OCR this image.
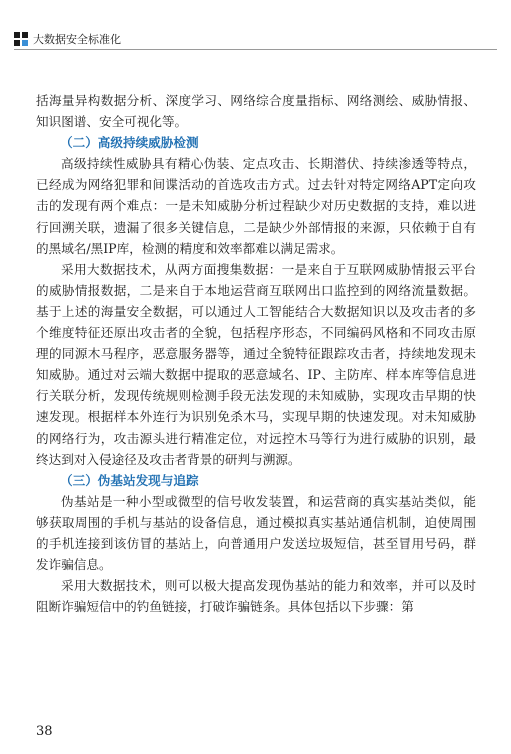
大数据安全标准化

括海量异构数据分析、深度学习、网络综合度量指标、网络测绘、威胁情报、知识图谱、安全可视化等。

（二）高级持续威胁检测

高级持续性威胁具有精心伪装、定点攻击、长期潜伏、持续渗透等特点，已经成为网络犯罪和间谍活动的首选攻击方式。过去针对特定网络APT定向攻击的发现有两个难点：一是未知威胁分析过程缺少对历史数据的支持，难以进行回溯关联，遗漏了很多关键信息，二是缺少外部情报的来源，只依赖于自有的黑域名/黑IP库，检测的精度和效率都难以满足需求。

采用大数据技术，从两方面搜集数据：一是来自于互联网威胁情报云平台的威胁情报数据，二是来自于本地运营商互联网出口监控到的网络流量数据。基于上述的海量安全数据，可以通过人工智能结合大数据知识以及攻击者的多个维度特征还原出攻击者的全貌，包括程序形态，不同编码风格和不同攻击原理的同源木马程序，恶意服务器等，通过全貌特征跟踪攻击者，持续地发现未知威胁。通过对云端大数据中提取的恶意域名、IP、主防库、样本库等信息进行关联分析，发现传统规则检测手段无法发现的未知威胁，实现攻击早期的快速发现。根据样本外连行为识别免杀木马，实现早期的快速发现。对未知威胁的网络行为，攻击源头进行精准定位，对远控木马等行为进行威胁的识别，最终达到对入侵途径及攻击者背景的研判与溯源。

（三）伪基站发现与追踪

伪基站是一种小型或微型的信号收发装置，和运营商的真实基站类似，能够获取周围的手机与基站的设备信息，通过模拟真实基站通信机制，迫使周围的手机连接到该仿冒的基站上，向普通用户发送垃圾短信，甚至冒用号码，群发诈骗信息。

采用大数据技术，则可以极大提高发现伪基站的能力和效率，并可以及时阻断诈骗短信中的钓鱼链接，打破诈骗链条。具体包括以下步骤：第

38
